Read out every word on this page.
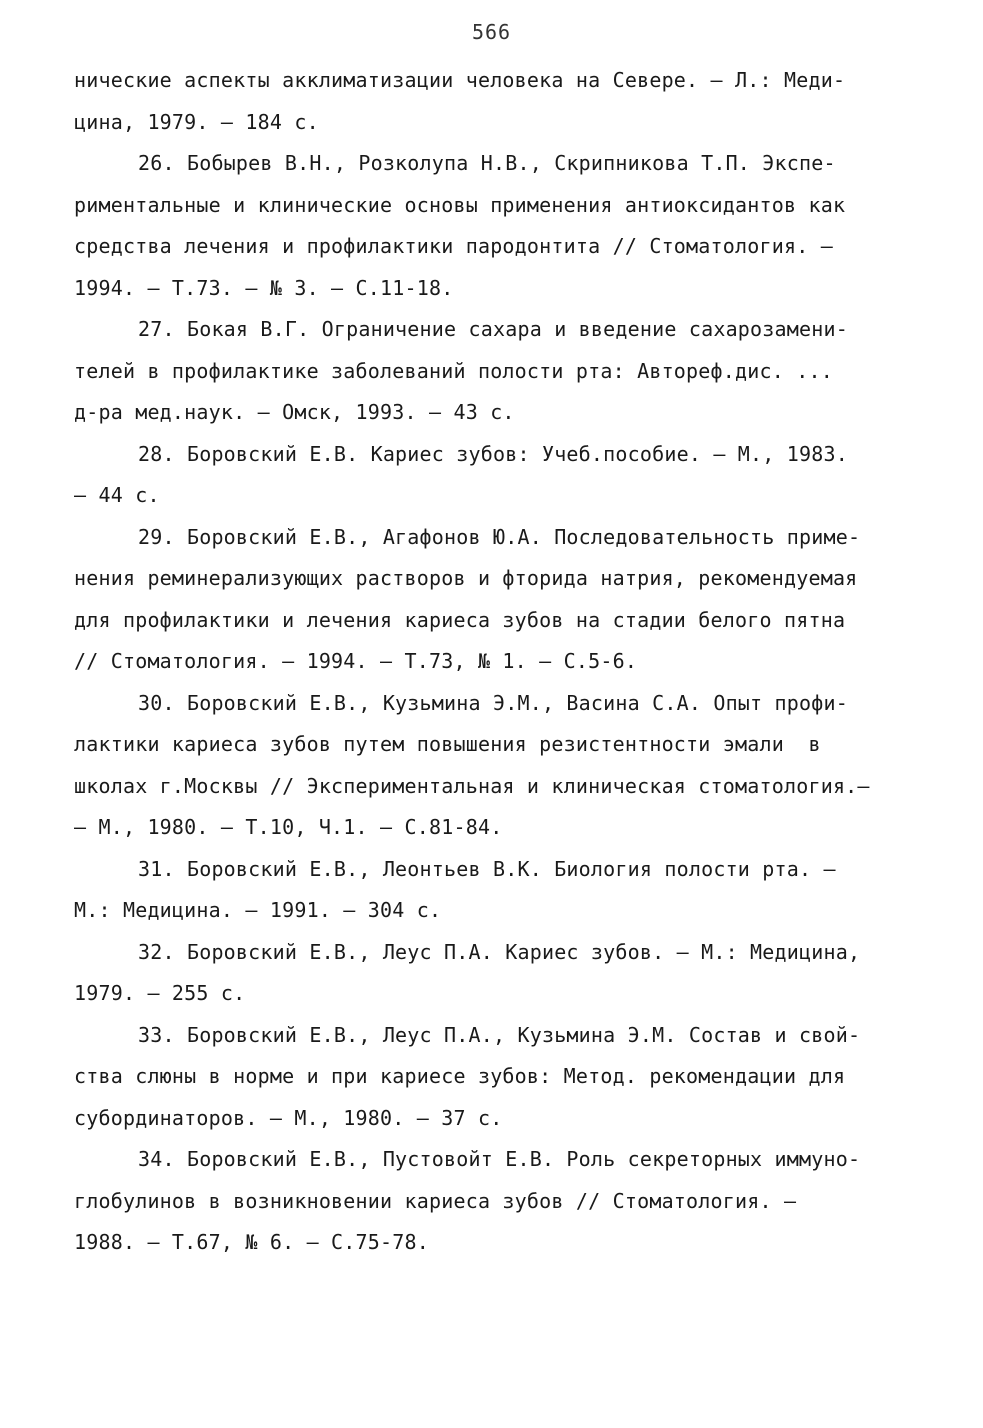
566
нические аспекты акклиматизации человека на Севере. – Л.: Меди-
цина, 1979. – 184 с.
26. Бобырев В.Н., Розколупа Н.В., Скрипникова Т.П. Экспе-
риментальные и клинические основы применения антиоксидантов как
средства лечения и профилактики пародонтита // Стоматология. –
1994. – Т.73. – № 3. – С.11-18.
27. Бокая В.Г. Ограничение сахара и введение сахарозамени-
телей в профилактике заболеваний полости рта: Автореф.дис. ...
д-ра мед.наук. – Омск, 1993. – 43 с.
28. Боровский Е.В. Кариес зубов: Учеб.пособие. – М., 1983.
– 44 с.
29. Боровский Е.В., Агафонов Ю.А. Последовательность приме-
нения реминерализующих растворов и фторида натрия, рекомендуемая
для профилактики и лечения кариеса зубов на стадии белого пятна
// Стоматология. – 1994. – Т.73, № 1. – С.5-6.
30. Боровский Е.В., Кузьмина Э.М., Васина С.А. Опыт профи-
лактики кариеса зубов путем повышения резистентности эмали  в
школах г.Москвы // Экспериментальная и клиническая стоматология.–
– М., 1980. – Т.10, Ч.1. – С.81-84.
31. Боровский Е.В., Леонтьев В.К. Биология полости рта. –
М.: Медицина. – 1991. – 304 с.
32. Боровский Е.В., Леус П.А. Кариес зубов. – М.: Медицина,
1979. – 255 с.
33. Боровский Е.В., Леус П.А., Кузьмина Э.М. Состав и свой-
ства слюны в норме и при кариесе зубов: Метод. рекомендации для
субординаторов. – М., 1980. – 37 с.
34. Боровский Е.В., Пустовойт Е.В. Роль секреторных иммуно-
глобулинов в возникновении кариеса зубов // Стоматология. –
1988. – Т.67, № 6. – С.75-78.
